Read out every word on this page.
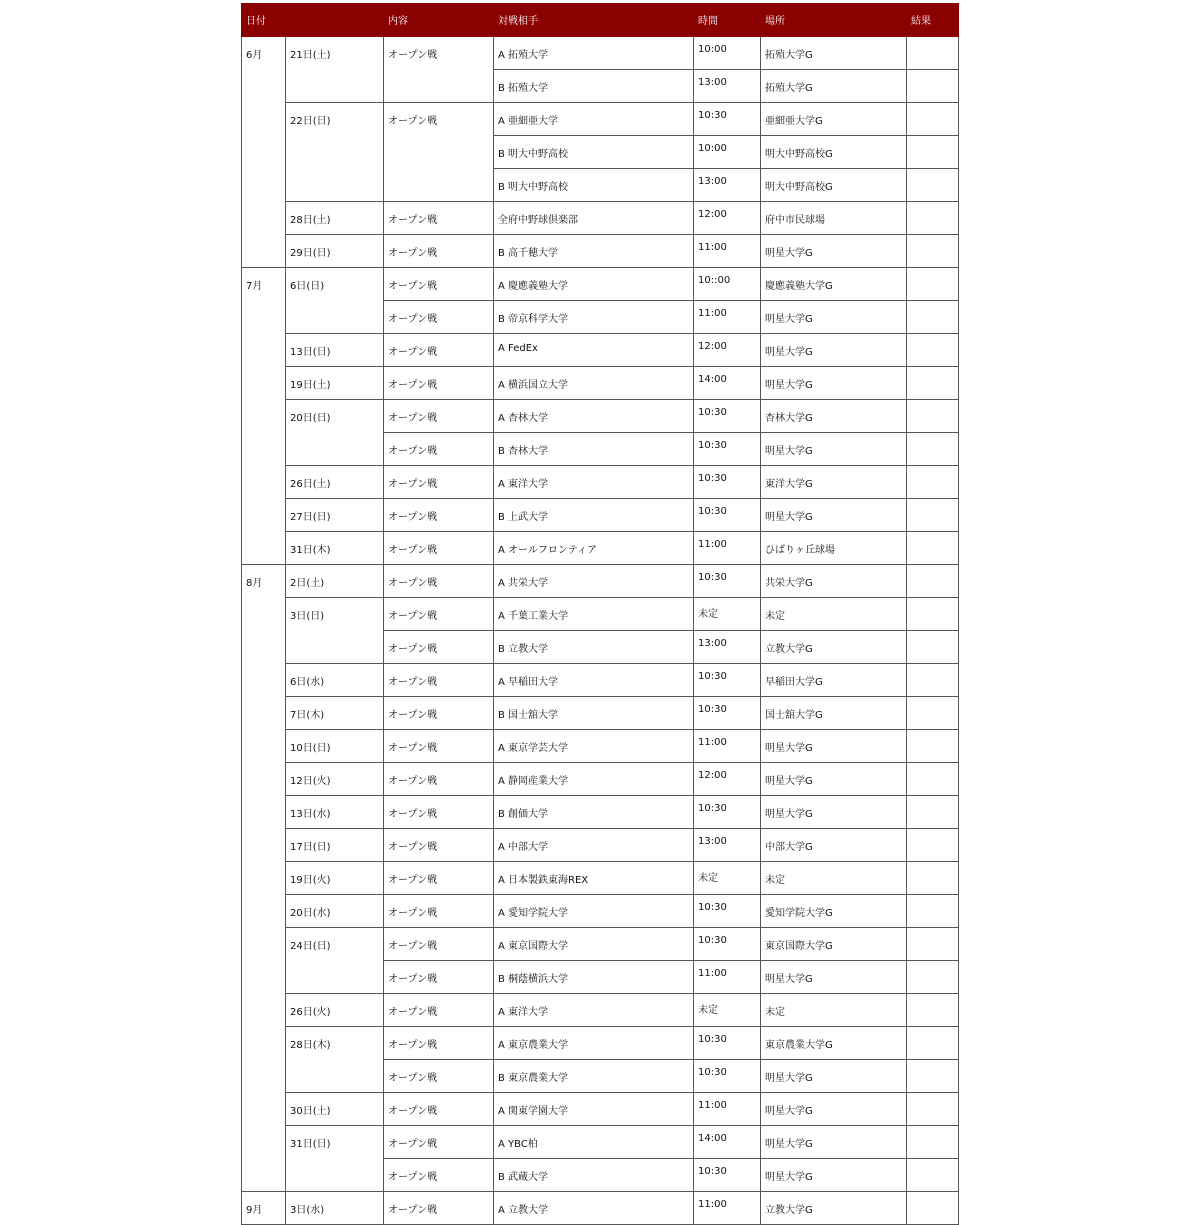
日付		内容	対戦相手	時間	場所	結果
6月	21日(土)	オープン戦	A 拓殖大学	10:00	拓殖大学G	
			B 拓殖大学	13:00	拓殖大学G	
	22日(日)	オープン戦	A 亜細亜大学	10:30	亜細亜大学G	
			B 明大中野高校	10:00	明大中野高校G	
			B 明大中野高校	13:00	明大中野高校G	
	28日(土)	オープン戦	全府中野球倶楽部	12:00	府中市民球場	
	29日(日)	オープン戦	B 高千穂大学	11:00	明星大学G	
7月	6日(日)	オープン戦	A 慶應義塾大学	10::00	慶應義塾大学G	
		オープン戦	B 帝京科学大学	11:00	明星大学G	
	13日(日)	オープン戦	A FedEx	12:00	明星大学G	
	19日(土)	オープン戦	A 横浜国立大学	14:00	明星大学G	
	20日(日)	オープン戦	A 杏林大学	10:30	杏林大学G	
		オープン戦	B 杏林大学	10:30	明星大学G	
	26日(土)	オープン戦	A 東洋大学	10:30	東洋大学G	
	27日(日)	オープン戦	B 上武大学	10:30	明星大学G	
	31日(木)	オープン戦	A オールフロンティア	11:00	ひばりヶ丘球場	
8月	2日(土)	オープン戦	A 共栄大学	10:30	共栄大学G	
	3日(日)	オープン戦	A 千葉工業大学	未定	未定	
		オープン戦	B 立教大学	13:00	立教大学G	
	6日(水)	オープン戦	A 早稲田大学	10:30	早稲田大学G	
	7日(木)	オープン戦	B 国士舘大学	10:30	国士舘大学G	
	10日(日)	オープン戦	A 東京学芸大学	11:00	明星大学G	
	12日(火)	オープン戦	A 静岡産業大学	12:00	明星大学G	
	13日(水)	オープン戦	B 創価大学	10:30	明星大学G	
	17日(日)	オープン戦	A 中部大学	13:00	中部大学G	
	19日(火)	オープン戦	A 日本製鉄東海REX	未定	未定	
	20日(水)	オープン戦	A 愛知学院大学	10:30	愛知学院大学G	
	24日(日)	オープン戦	A 東京国際大学	10:30	東京国際大学G	
		オープン戦	B 桐蔭横浜大学	11:00	明星大学G	
	26日(火)	オープン戦	A 東洋大学	未定	未定	
	28日(木)	オープン戦	A 東京農業大学	10:30	東京農業大学G	
		オープン戦	B 東京農業大学	10:30	明星大学G	
	30日(土)	オープン戦	A 関東学園大学	11:00	明星大学G	
	31日(日)	オープン戦	A YBC柏	14:00	明星大学G	
		オープン戦	B 武蔵大学	10:30	明星大学G	
9月	3日(水)	オープン戦	A 立教大学	11:00	立教大学G	
